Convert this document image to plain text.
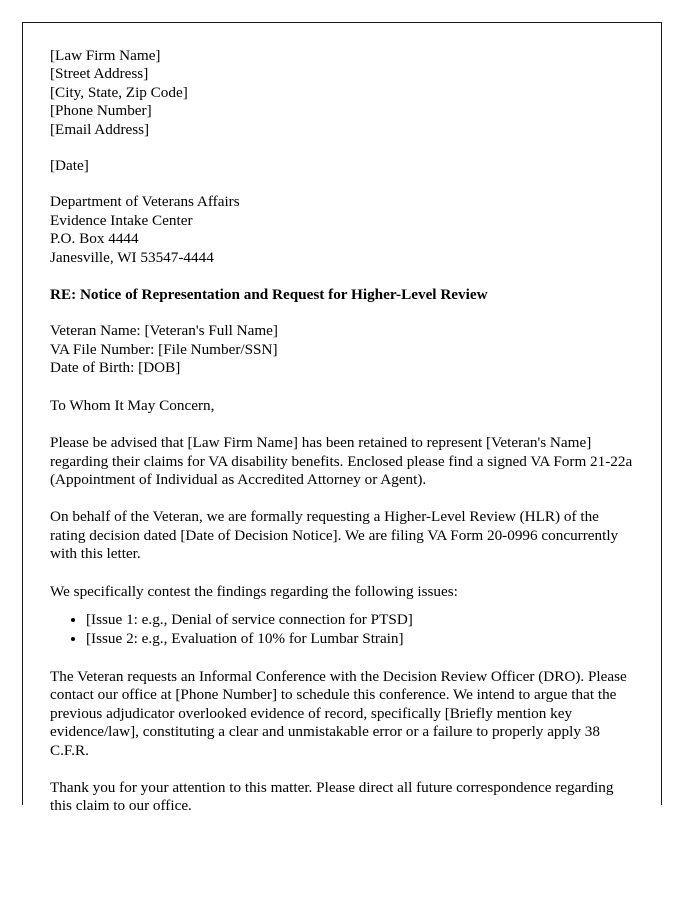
[Law Firm Name]
[Street Address]
[City, State, Zip Code]
[Phone Number]
[Email Address]
[Date]
Department of Veterans Affairs
Evidence Intake Center
P.O. Box 4444
Janesville, WI 53547-4444
RE: Notice of Representation and Request for Higher-Level Review
Veteran Name: [Veteran's Full Name]
VA File Number: [File Number/SSN]
Date of Birth: [DOB]
To Whom It May Concern,

Please be advised that [Law Firm Name] has been retained to represent [Veteran's Name] regarding their claims for VA disability benefits. Enclosed please find a signed VA Form 21-22a (Appointment of Individual as Accredited Attorney or Agent).

On behalf of the Veteran, we are formally requesting a Higher-Level Review (HLR) of the rating decision dated [Date of Decision Notice]. We are filing VA Form 20-0996 concurrently with this letter.

We specifically contest the findings regarding the following issues:

• [Issue 1: e.g., Denial of service connection for PTSD]
• [Issue 2: e.g., Evaluation of 10% for Lumbar Strain]

The Veteran requests an Informal Conference with the Decision Review Officer (DRO). Please contact our office at [Phone Number] to schedule this conference. We intend to argue that the previous adjudicator overlooked evidence of record, specifically [Briefly mention key evidence/law], constituting a clear and unmistakable error or a failure to properly apply 38 C.F.R.

Thank you for your attention to this matter. Please direct all future correspondence regarding this claim to our office.
